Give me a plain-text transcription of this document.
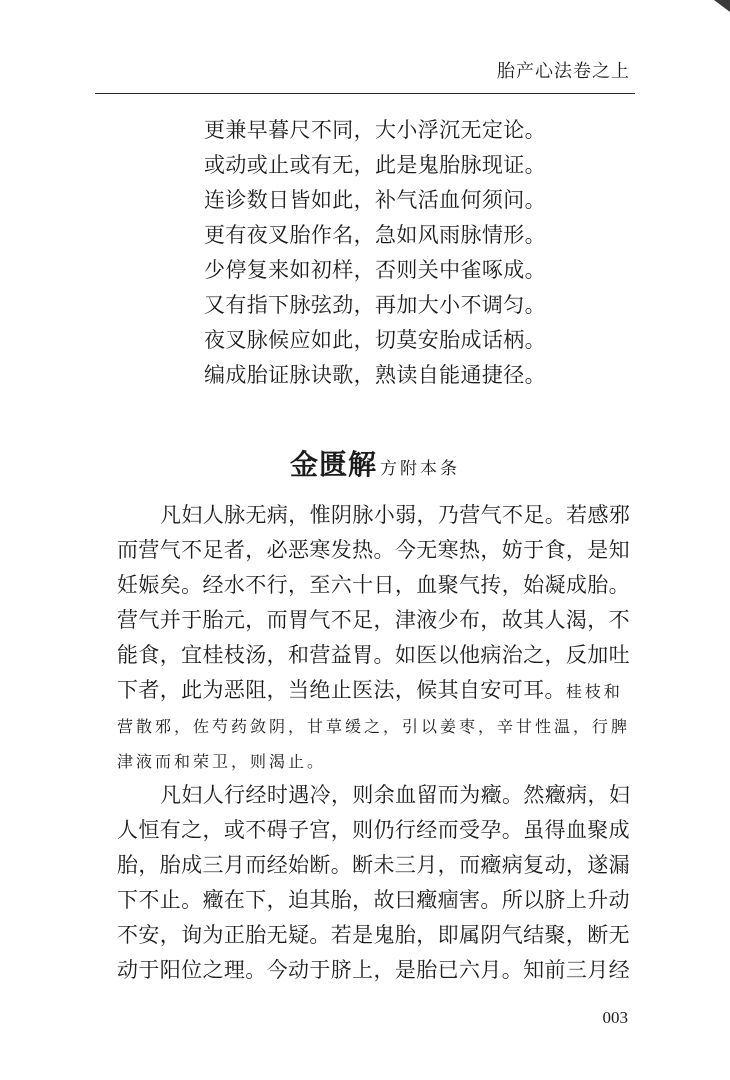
胎产心法卷之上
更兼早暮尺不同，大小浮沉无定论。
或动或止或有无，此是鬼胎脉现证。
连诊数日皆如此，补气活血何须问。
更有夜叉胎作名，急如风雨脉情形。
少停复来如初样，否则关中雀啄成。
又有指下脉弦劲，再加大小不调匀。
夜叉脉候应如此，切莫安胎成话柄。
编成胎证脉诀歌，熟读自能通捷径。
金匮解 方附本条
凡妇人脉无病，惟阴脉小弱，乃营气不足。若感邪
而营气不足者，必恶寒发热。今无寒热，妨于食，是知
妊娠矣。经水不行，至六十日，血聚气抟，始凝成胎。
营气并于胎元，而胃气不足，津液少布，故其人渴，不
能食，宜桂枝汤，和营益胃。如医以他病治之，反加吐
下者，此为恶阻，当绝止医法，候其自安可耳。桂枝和
营散邪，佐芍药敛阴，甘草缓之，引以姜枣，辛甘性温，行脾
津液而和荣卫，则渴止。
凡妇人行经时遇冷，则余血留而为癥。然癥病，妇
人恒有之，或不碍子宫，则仍行经而受孕。虽得血聚成
胎，胎成三月而经始断。断未三月，而癥病复动，遂漏
下不止。癥在下，迫其胎，故曰癥痼害。所以脐上升动
不安，询为正胎无疑。若是鬼胎，即属阴气结聚，断无
动于阳位之理。今动于脐上，是胎已六月。知前三月经
003
